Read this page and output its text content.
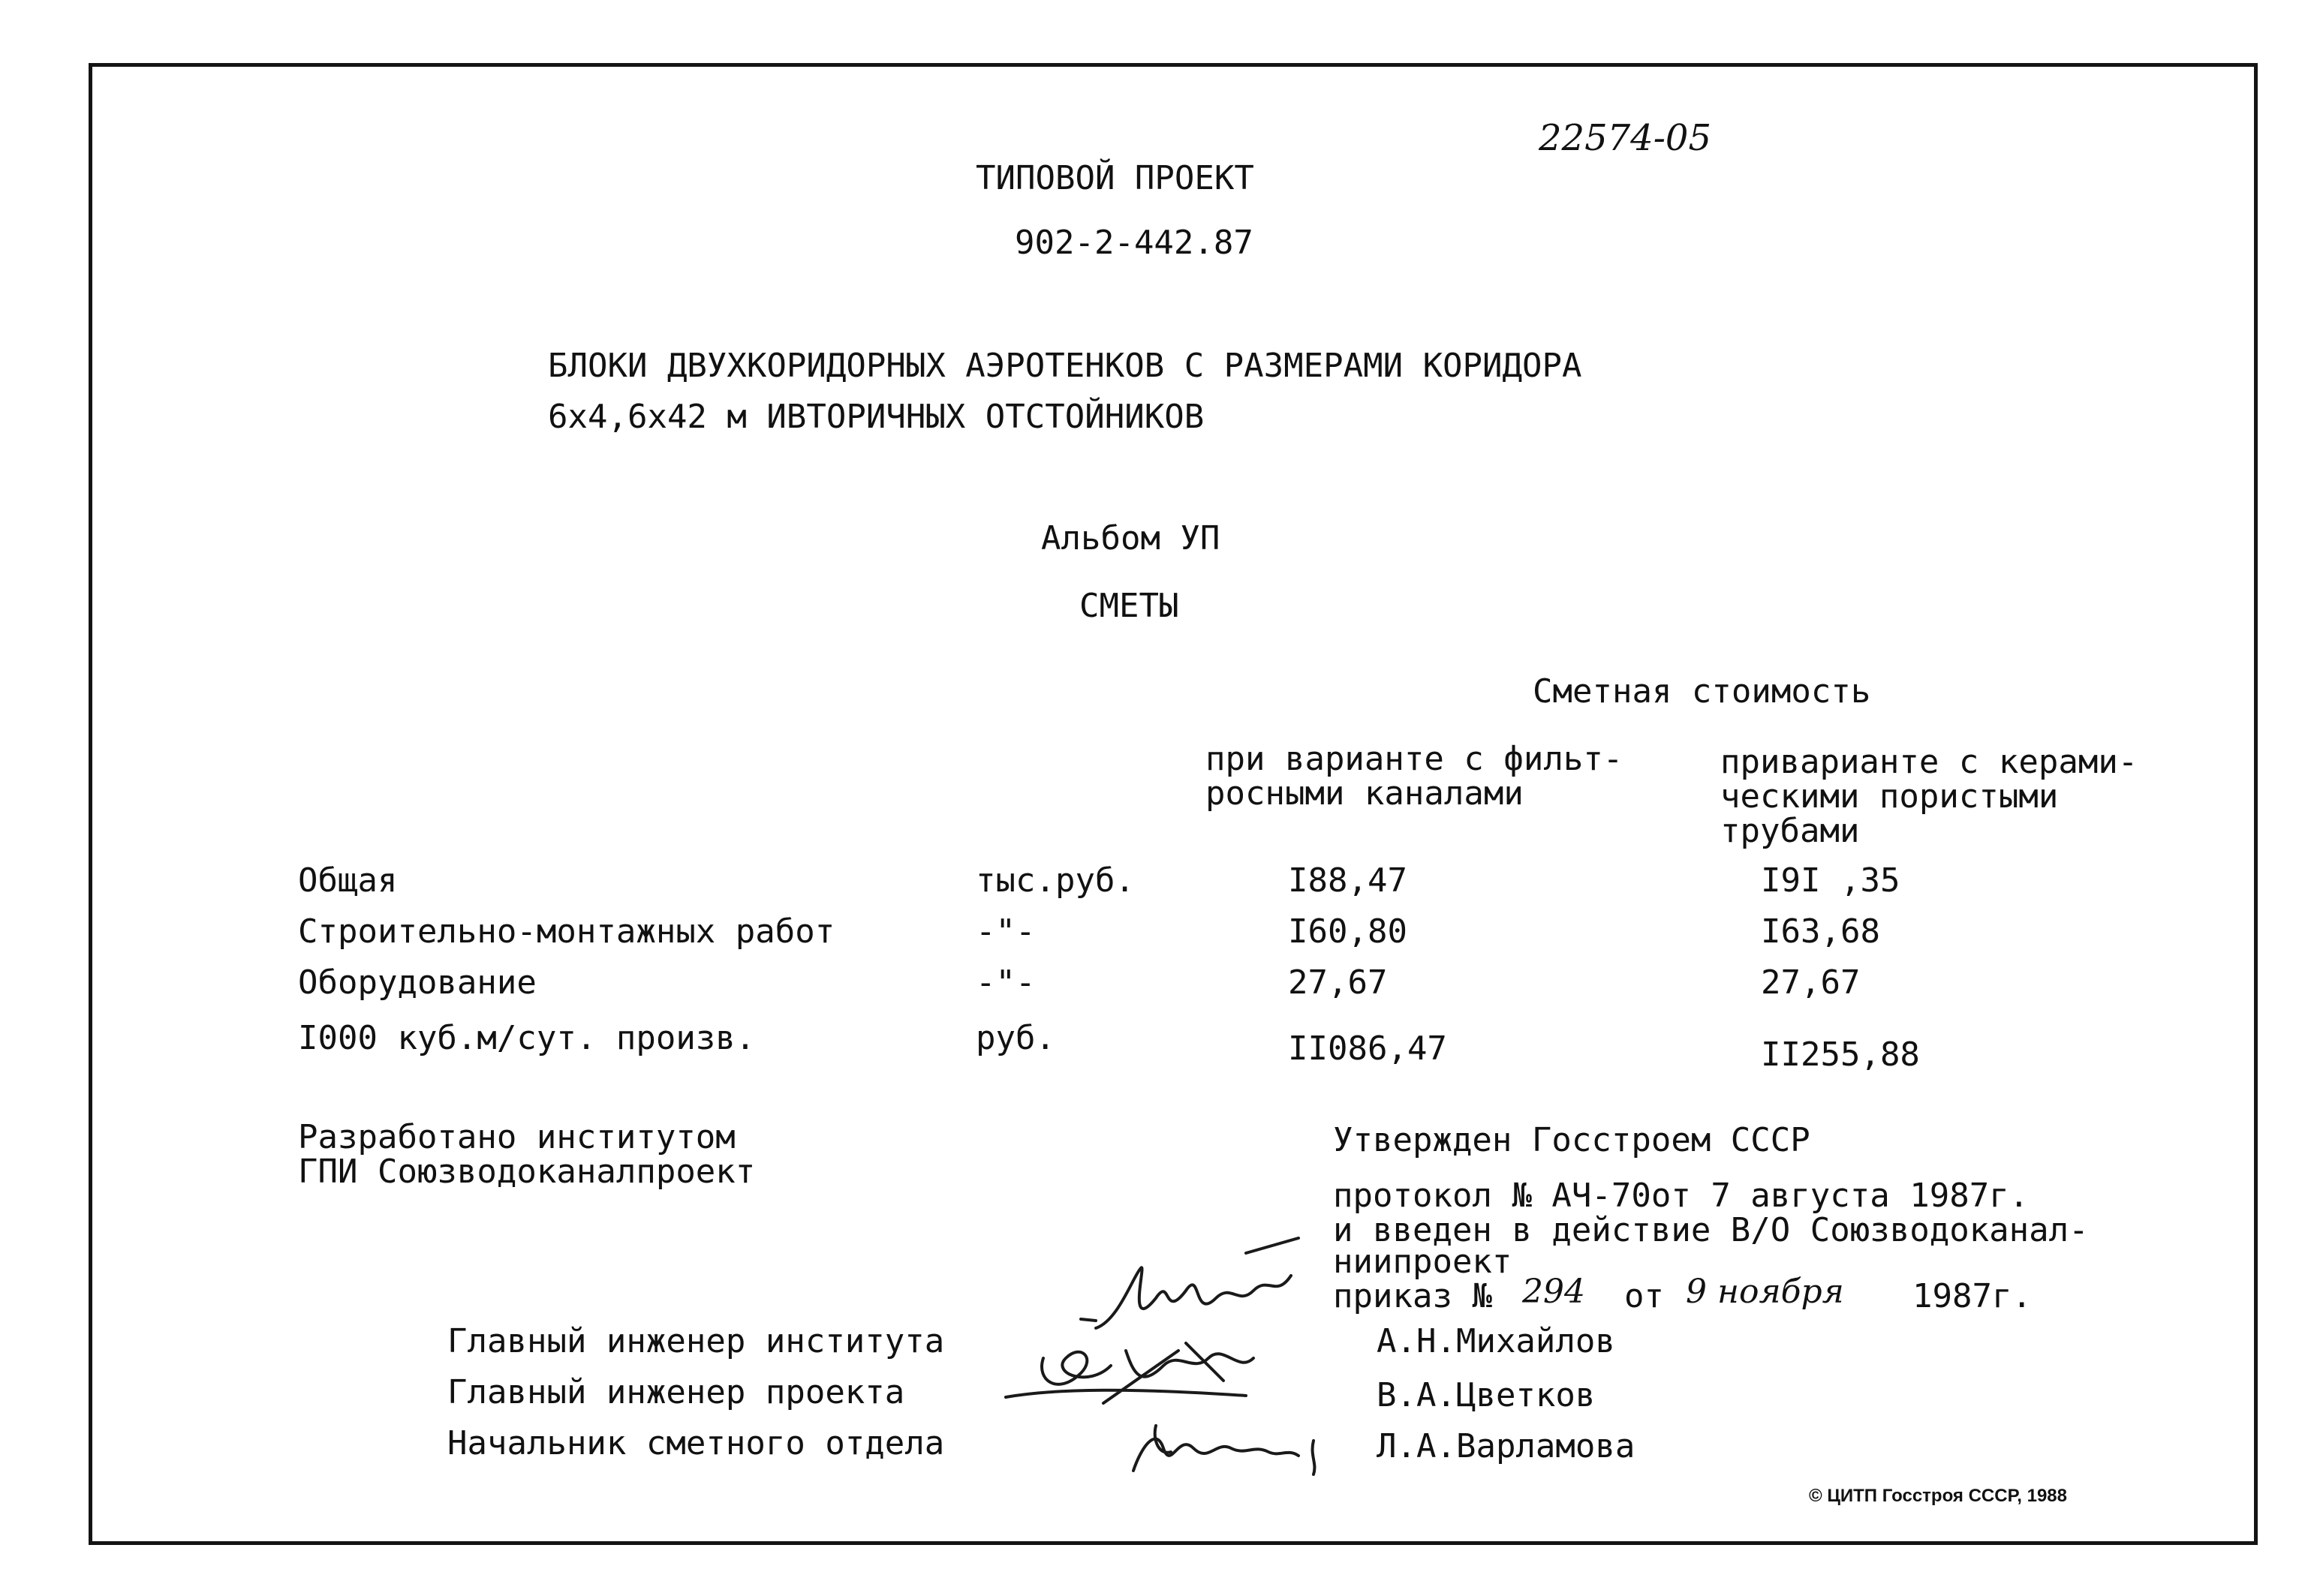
22574-05
ТИПОВОЙ ПРОЕКТ
902-2-442.87
БЛОКИ ДВУХКОРИДОРНЫХ АЭРОТЕНКОВ С РАЗМЕРАМИ КОРИДОРА
6х4,6х42 м ИВТОРИЧНЫХ ОТСТОЙНИКОВ
Альбом УП
СМЕТЫ
Сметная стоимость
при варианте с фильт-
росными каналами
приварианте с керами-
ческими пористыми
трубами
Общая	тыс.руб.	I88,47	I9I ,35
Строительно-монтажных работ	-"-	I60,80	I63,68
Оборудование	-"-	27,67	27,67
I000 куб.м/сут. произв.	руб.	II086,47	II255,88
Разработано институтом
ГПИ Союзводоканалпроект
Утвержден Госстроем СССР
протокол № АЧ-70от 7 августа 1987г.
и введен в действие В/О Союзводоканал-
ниипроект
приказ № 294 от 9 ноября 1987г.
Главный инженер института	А.Н.Михайлов
Главный инженер проекта	В.А.Цветков
Начальник сметного отдела	Л.А.Варламова
© ЦИТП Госстроя СССР, 1988
